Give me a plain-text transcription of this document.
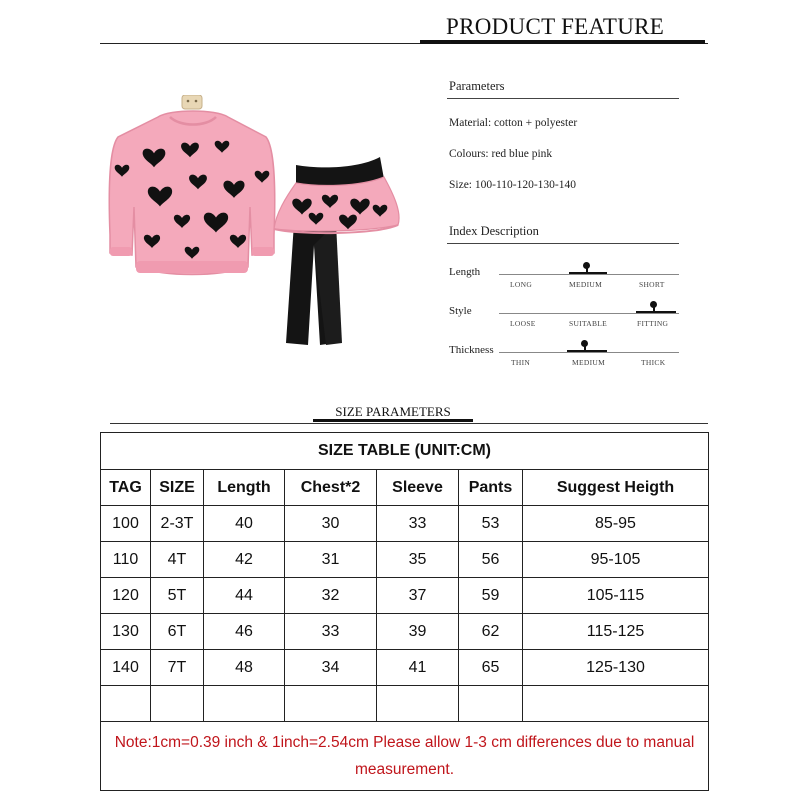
PRODUCT FEATURE
Parameters
Material: cotton + polyester
Colours: red blue pink
Size: 100-110-120-130-140
Index Description
Length
LONG	MEDIUM	SHORT
Style
LOOSE	SUITABLE	FITTING
Thickness
THIN	MEDIUM	THICK
SIZE PARAMETERS
SIZE TABLE (UNIT:CM)						
TAG	SIZE	Length	Chest*2	Sleeve	Pants	Suggest Heigth
100	2-3T	40	30	33	53	85-95
110	4T	42	31	35	56	95-105
120	5T	44	32	37	59	105-115
130	6T	46	33	39	62	115-125
140	7T	48	34	41	65	125-130

Note:1cm=0.39 inch & 1inch=2.54cm Please allow 1-3 cm differences due to manual measurement.						
